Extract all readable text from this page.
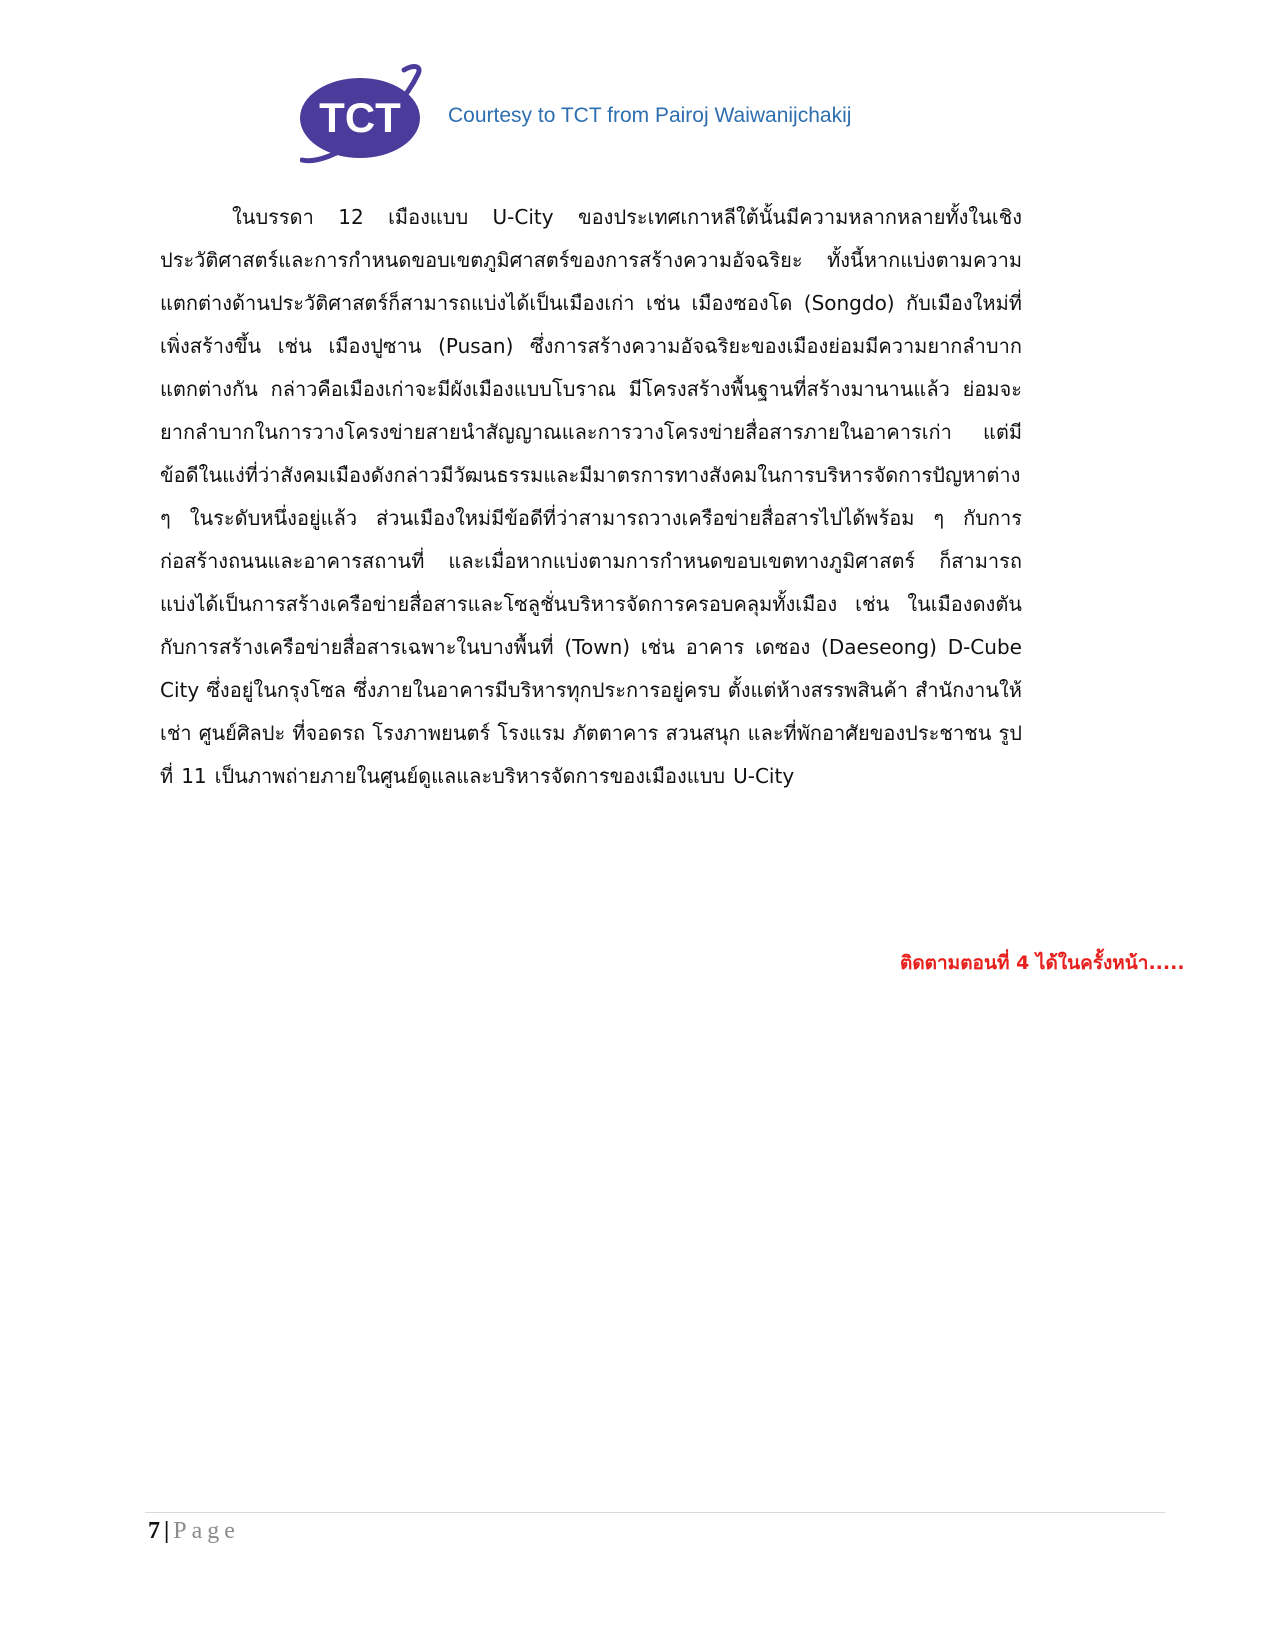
TCT Courtesy to TCT from Pairoj Waiwanijchakij
ในบรรดา 12 เมืองแบบ U-City ของประเทศเกาหลีใต้นั้นมีความหลากหลายทั้งในเชิง
ประวัติศาสตร์และการกำหนดขอบเขตภูมิศาสตร์ของการสร้างความอัจฉริยะ ทั้งนี้หากแบ่งตามความ
แตกต่างด้านประวัติศาสตร์ก็สามารถแบ่งได้เป็นเมืองเก่า เช่น เมืองซองโด (Songdo) กับเมืองใหม่ที่
เพิ่งสร้างขึ้น เช่น เมืองปูซาน (Pusan) ซึ่งการสร้างความอัจฉริยะของเมืองย่อมมีความยากลำบาก
แตกต่างกัน กล่าวคือเมืองเก่าจะมีผังเมืองแบบโบราณ มีโครงสร้างพื้นฐานที่สร้างมานานแล้ว ย่อมจะ
ยากลำบากในการวางโครงข่ายสายนำสัญญาณและการวางโครงข่ายสื่อสารภายในอาคารเก่า แต่มี
ข้อดีในแง่ที่ว่าสังคมเมืองดังกล่าวมีวัฒนธรรมและมีมาตรการทางสังคมในการบริหารจัดการปัญหาต่าง
ๆ ในระดับหนึ่งอยู่แล้ว ส่วนเมืองใหม่มีข้อดีที่ว่าสามารถวางเครือข่ายสื่อสารไปได้พร้อม ๆ กับการ
ก่อสร้างถนนและอาคารสถานที่ และเมื่อหากแบ่งตามการกำหนดขอบเขตทางภูมิศาสตร์ ก็สามารถ
แบ่งได้เป็นการสร้างเครือข่ายสื่อสารและโซลูชั่นบริหารจัดการครอบคลุมทั้งเมือง เช่น ในเมืองดงตัน
กับการสร้างเครือข่ายสื่อสารเฉพาะในบางพื้นที่ (Town) เช่น อาคาร เดซอง (Daeseong) D-Cube
City ซึ่งอยู่ในกรุงโซล ซึ่งภายในอาคารมีบริหารทุกประการอยู่ครบ ตั้งแต่ห้างสรรพสินค้า สำนักงานให้
เช่า ศูนย์ศิลปะ ที่จอดรถ โรงภาพยนตร์ โรงแรม ภัตตาคาร สวนสนุก และที่พักอาศัยของประชาชน รูป
ที่ 11 เป็นภาพถ่ายภายในศูนย์ดูแลและบริหารจัดการของเมืองแบบ U-City
ติดตามตอนที่ 4 ได้ในครั้งหน้า.....
7 | Page
